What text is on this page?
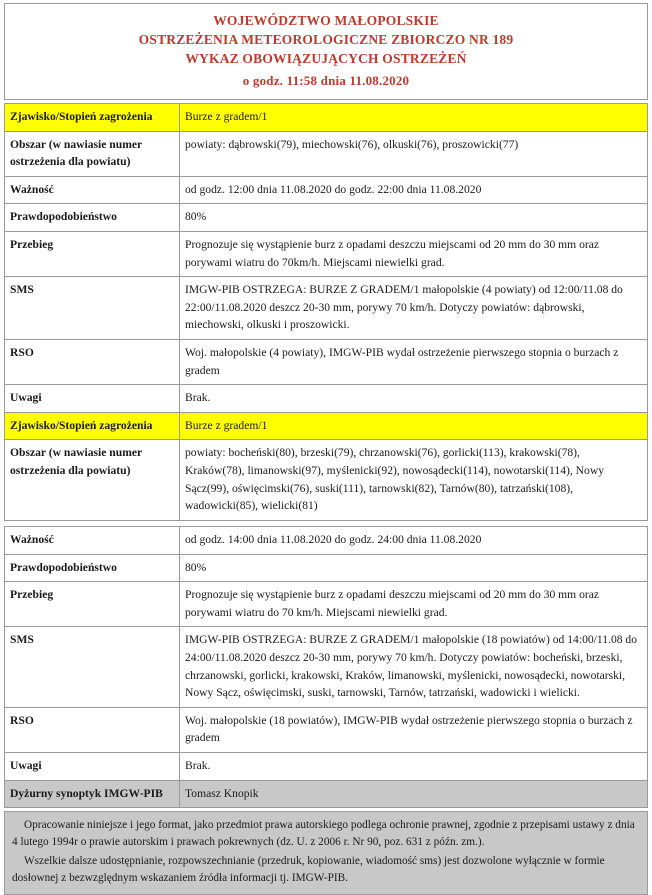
WOJEWÓDZTWO MAŁOPOLSKIE
OSTRZEŻENIA METEOROLOGICZNE ZBIORCZO NR 189
WYKAZ OBOWIĄZUJĄCYCH OSTRZEŻEŃ
o godz. 11:58 dnia 11.08.2020
Zjawisko/Stopień zagrożenia	Burze z gradem/1
Obszar (w nawiasie numer ostrzeżenia dla powiatu)	powiaty: dąbrowski(79), miechowski(76), olkuski(76), proszowicki(77)
Ważność	od godz. 12:00 dnia 11.08.2020 do godz. 22:00 dnia 11.08.2020
Prawdopodobieństwo	80%
Przebieg	Prognozuje się wystąpienie burz z opadami deszczu miejscami od 20 mm do 30 mm oraz porywami wiatru do 70km/h. Miejscami niewielki grad.
SMS	IMGW-PIB OSTRZEGA: BURZE Z GRADEM/1 małopolskie (4 powiaty) od 12:00/11.08 do 22:00/11.08.2020 deszcz 20-30 mm, porywy 70 km/h. Dotyczy powiatów: dąbrowski, miechowski, olkuski i proszowicki.
RSO	Woj. małopolskie (4 powiaty), IMGW-PIB wydał ostrzeżenie pierwszego stopnia o burzach z gradem
Uwagi	Brak.
Zjawisko/Stopień zagrożenia	Burze z gradem/1
Obszar (w nawiasie numer ostrzeżenia dla powiatu)	powiaty: bocheński(80), brzeski(79), chrzanowski(76), gorlicki(113), krakowski(78), Kraków(78), limanowski(97), myślenicki(92), nowosądecki(114), nowotarski(114), Nowy Sącz(99), oświęcimski(76), suski(111), tarnowski(82), Tarnów(80), tatrzański(108), wadowicki(85), wielicki(81)

Ważność	od godz. 14:00 dnia 11.08.2020 do godz. 24:00 dnia 11.08.2020
Prawdopodobieństwo	80%
Przebieg	Prognozuje się wystąpienie burz z opadami deszczu miejscami od 20 mm do 30 mm oraz porywami wiatru do 70 km/h. Miejscami niewielki grad.
SMS	IMGW-PIB OSTRZEGA: BURZE Z GRADEM/1 małopolskie (18 powiatów) od 14:00/11.08 do 24:00/11.08.2020 deszcz 20-30 mm, porywy 70 km/h. Dotyczy powiatów: bocheński, brzeski, chrzanowski, gorlicki, krakowski, Kraków, limanowski, myślenicki, nowosądecki, nowotarski, Nowy Sącz, oświęcimski, suski, tarnowski, Tarnów, tatrzański, wadowicki i wielicki.
RSO	Woj. małopolskie (18 powiatów), IMGW-PIB wydał ostrzeżenie pierwszego stopnia o burzach z gradem
Uwagi	Brak.
Dyżurny synoptyk IMGW-PIB	Tomasz Knopik

Opracowanie niniejsze i jego format, jako przedmiot prawa autorskiego podlega ochronie prawnej, zgodnie z przepisami ustawy z dnia 4 lutego 1994r o prawie autorskim i prawach pokrewnych (dz. U. z 2006 r. Nr 90, poz. 631 z późn. zm.).

Wszelkie dalsze udostępnianie, rozpowszechnianie (przedruk, kopiowanie, wiadomość sms) jest dozwolone wyłącznie w formie dosłownej z bezwzględnym wskazaniem źródła informacji tj. IMGW-PIB.
